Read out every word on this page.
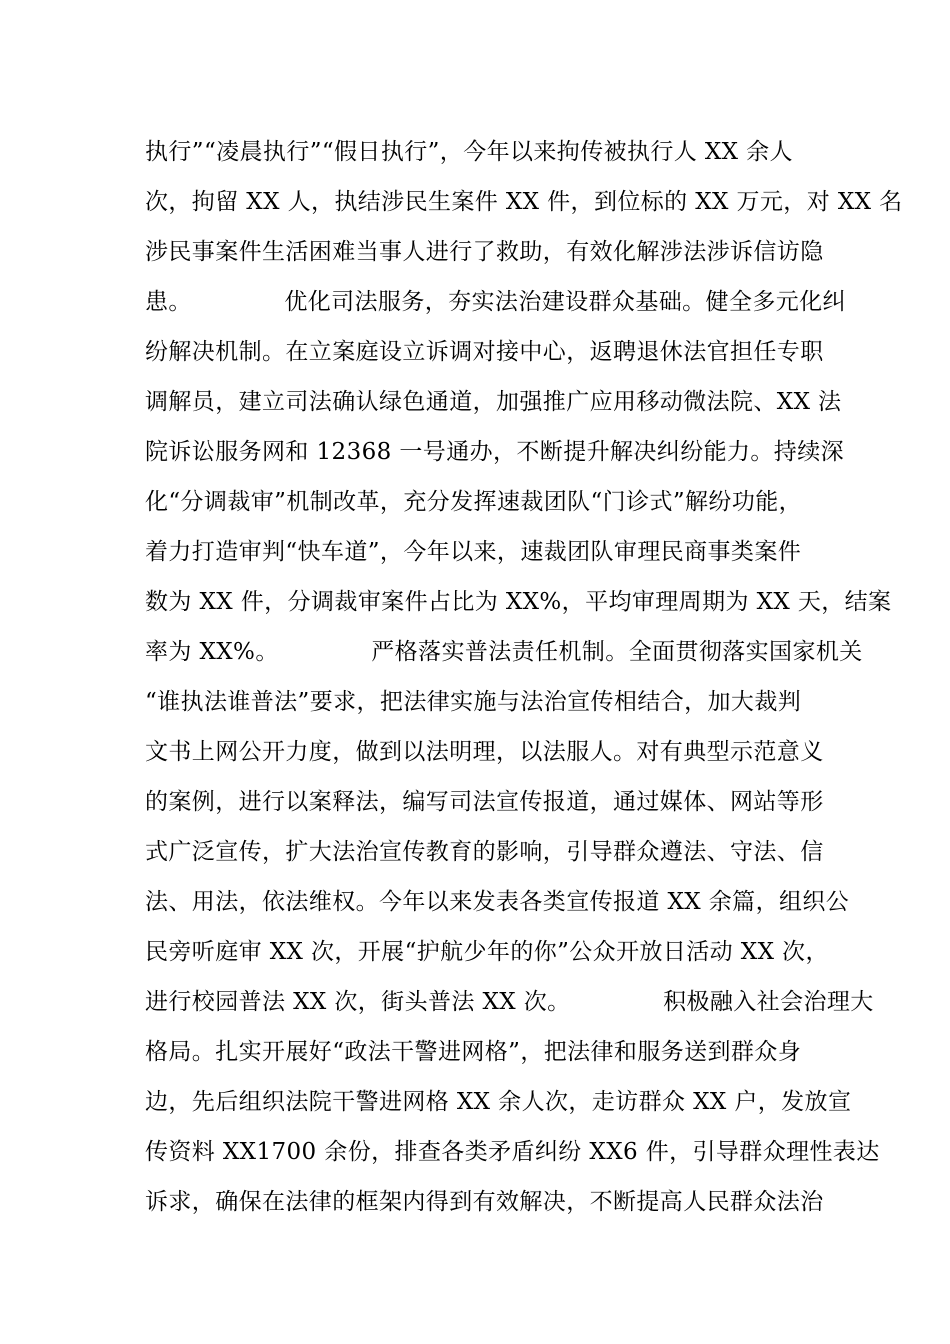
执行”“凌晨执行”“假日执行”，今年以来拘传被执行人 XX 余人
次，拘留 XX 人，执结涉民生案件 XX 件，到位标的 XX 万元，对 XX 名
涉民事案件生活困难当事人进行了救助，有效化解涉法涉诉信访隐
患。            优化司法服务，夯实法治建设群众基础。健全多元化纠
纷解决机制。在立案庭设立诉调对接中心，返聘退休法官担任专职
调解员，建立司法确认绿色通道，加强推广应用移动微法院、XX 法
院诉讼服务网和 12368 一号通办，不断提升解决纠纷能力。持续深
化“分调裁审”机制改革，充分发挥速裁团队“门诊式”解纷功能，
着力打造审判“快车道”，今年以来，速裁团队审理民商事类案件
数为 XX 件，分调裁审案件占比为 XX%，平均审理周期为 XX 天，结案
率为 XX%。            严格落实普法责任机制。全面贯彻落实国家机关
“谁执法谁普法”要求，把法律实施与法治宣传相结合，加大裁判
文书上网公开力度，做到以法明理，以法服人。对有典型示范意义
的案例，进行以案释法，编写司法宣传报道，通过媒体、网站等形
式广泛宣传，扩大法治宣传教育的影响，引导群众遵法、守法、信
法、用法，依法维权。今年以来发表各类宣传报道 XX 余篇，组织公
民旁听庭审 XX 次，开展“护航少年的你”公众开放日活动 XX 次，
进行校园普法 XX 次，街头普法 XX 次。            积极融入社会治理大
格局。扎实开展好“政法干警进网格”，把法律和服务送到群众身
边，先后组织法院干警进网格 XX 余人次，走访群众 XX 户，发放宣
传资料 XX1700 余份，排查各类矛盾纠纷 XX6 件，引导群众理性表达
诉求，确保在法律的框架内得到有效解决，不断提高人民群众法治
